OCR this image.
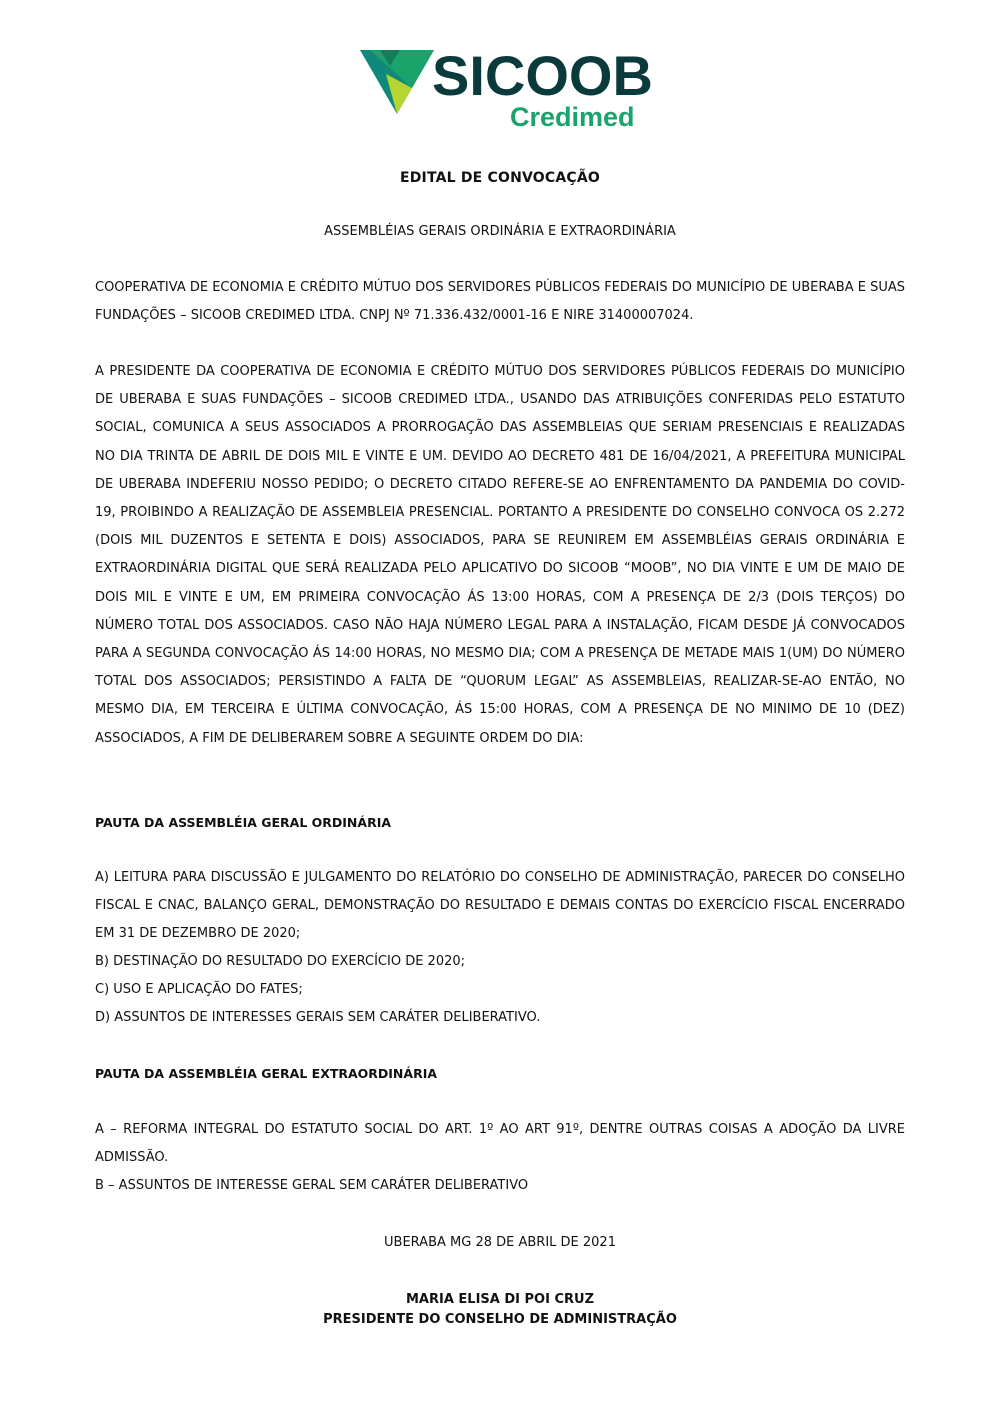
SICOOB
Credimed
EDITAL DE CONVOCAÇÃO
ASSEMBLÉIAS GERAIS ORDINÁRIA E EXTRAORDINÁRIA

COOPERATIVA DE ECONOMIA E CRÉDITO MÚTUO DOS SERVIDORES PÚBLICOS FEDERAIS DO MUNICÍPIO DE UBERABA E SUAS FUNDAÇÕES – SICOOB CREDIMED LTDA. CNPJ Nº 71.336.432/0001-16 E NIRE 31400007024.

A PRESIDENTE DA COOPERATIVA DE ECONOMIA E CRÉDITO MÚTUO DOS SERVIDORES PÚBLICOS FEDERAIS DO MUNICÍPIO DE UBERABA E SUAS FUNDAÇÕES – SICOOB CREDIMED LTDA., USANDO DAS ATRIBUIÇÕES CONFERIDAS PELO ESTATUTO SOCIAL, COMUNICA A SEUS ASSOCIADOS A PRORROGAÇÃO DAS ASSEMBLEIAS QUE SERIAM PRESENCIAIS E REALIZADAS NO DIA TRINTA DE ABRIL DE DOIS MIL E VINTE E UM. DEVIDO AO DECRETO 481 DE 16/04/2021, A PREFEITURA MUNICIPAL DE UBERABA INDEFERIU NOSSO PEDIDO; O DECRETO CITADO REFERE-SE AO ENFRENTAMENTO DA PANDEMIA DO COVID-19, PROIBINDO A REALIZAÇÃO DE ASSEMBLEIA PRESENCIAL. PORTANTO A PRESIDENTE DO CONSELHO CONVOCA OS 2.272 (DOIS MIL DUZENTOS E SETENTA E DOIS) ASSOCIADOS, PARA SE REUNIREM EM ASSEMBLÉIAS GERAIS ORDINÁRIA E EXTRAORDINÁRIA DIGITAL QUE SERÁ REALIZADA PELO APLICATIVO DO SICOOB “MOOB”, NO DIA VINTE E UM DE MAIO DE DOIS MIL E VINTE E UM, EM PRIMEIRA CONVOCAÇÃO ÁS 13:00 HORAS, COM A PRESENÇA DE 2/3 (DOIS TERÇOS) DO NÚMERO TOTAL DOS ASSOCIADOS. CASO NÃO HAJA NÚMERO LEGAL PARA A INSTALAÇÃO, FICAM DESDE JÁ CONVOCADOS PARA A SEGUNDA CONVOCAÇÃO ÁS 14:00 HORAS, NO MESMO DIA; COM A PRESENÇA DE METADE MAIS 1(UM) DO NÚMERO TOTAL DOS ASSOCIADOS; PERSISTINDO A FALTA DE “QUORUM LEGAL” AS ASSEMBLEIAS, REALIZAR-SE-AO ENTÃO, NO MESMO DIA, EM TERCEIRA E ÚLTIMA CONVOCAÇÃO, ÁS 15:00 HORAS, COM A PRESENÇA DE NO MINIMO DE 10 (DEZ) ASSOCIADOS, A FIM DE DELIBERAREM SOBRE A SEGUINTE ORDEM DO DIA:

PAUTA DA ASSEMBLÉIA GERAL ORDINÁRIA

A) LEITURA PARA DISCUSSÃO E JULGAMENTO DO RELATÓRIO DO CONSELHO DE ADMINISTRAÇÃO, PARECER DO CONSELHO FISCAL E CNAC, BALANÇO GERAL, DEMONSTRAÇÃO DO RESULTADO E DEMAIS CONTAS DO EXERCÍCIO FISCAL ENCERRADO EM 31 DE DEZEMBRO DE 2020;

B) DESTINAÇÃO DO RESULTADO DO EXERCÍCIO DE 2020;

C) USO E APLICAÇÃO DO FATES;

D) ASSUNTOS DE INTERESSES GERAIS SEM CARÁTER DELIBERATIVO.

PAUTA DA ASSEMBLÉIA GERAL EXTRAORDINÁRIA

A – REFORMA INTEGRAL DO ESTATUTO SOCIAL DO ART. 1º AO ART 91º, DENTRE OUTRAS COISAS A ADOÇÃO DA LIVRE ADMISSÃO.

B – ASSUNTOS DE INTERESSE GERAL SEM CARÁTER DELIBERATIVO

UBERABA MG 28 DE ABRIL DE 2021

MARIA ELISA DI POI CRUZ

PRESIDENTE DO CONSELHO DE ADMINISTRAÇÃO
